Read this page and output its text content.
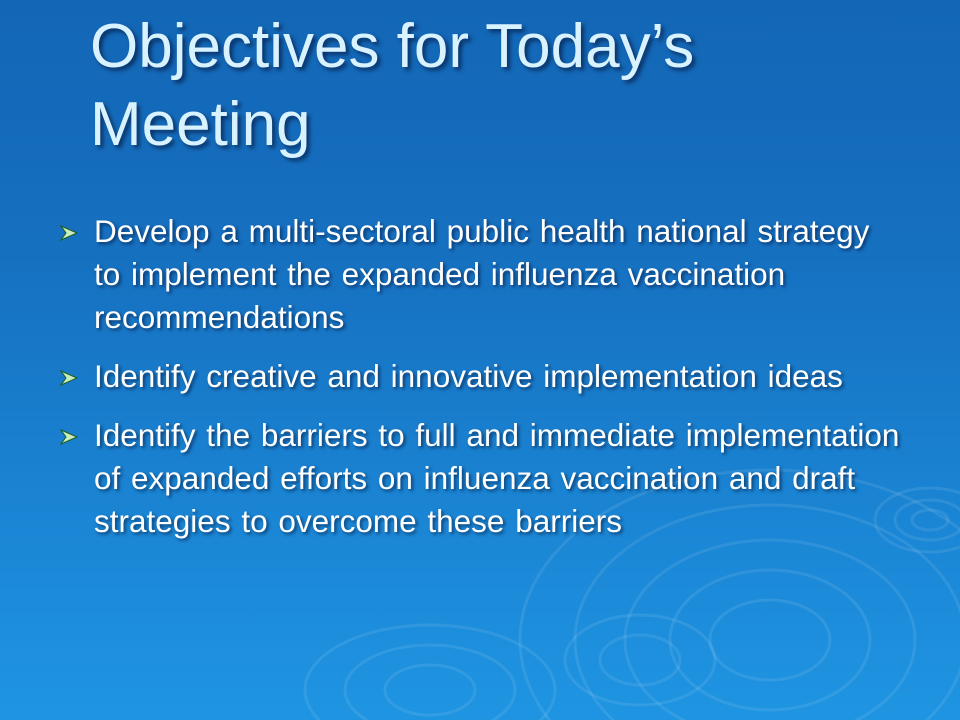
Objectives for Today’s Meeting
Develop a multi-sectoral public health national strategy to implement the expanded influenza vaccination recommendations
Identify creative and innovative implementation ideas
Identify the barriers to full and immediate implementation of expanded efforts on influenza vaccination and draft strategies to overcome these barriers
